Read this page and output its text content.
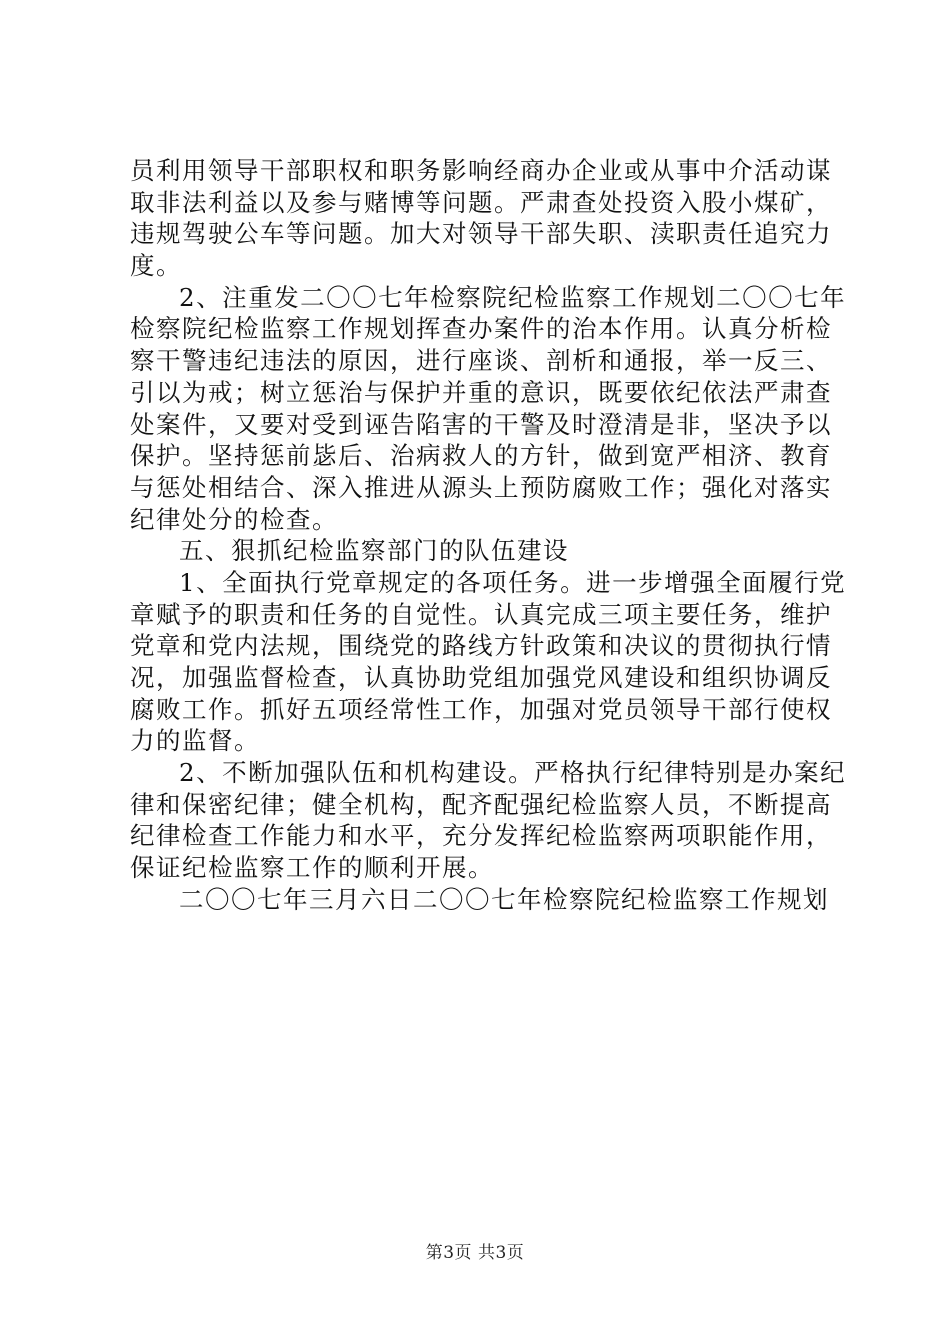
员利用领导干部职权和职务影响经商办企业或从事中介活动谋
取非法利益以及参与赌博等问题。严肃查处投资入股小煤矿，
违规驾驶公车等问题。加大对领导干部失职、渎职责任追究力
度。
2、注重发二〇〇七年检察院纪检监察工作规划二〇〇七年
检察院纪检监察工作规划挥查办案件的治本作用。认真分析检
察干警违纪违法的原因，进行座谈、剖析和通报，举一反三、
引以为戒；树立惩治与保护并重的意识，既要依纪依法严肃查
处案件，又要对受到诬告陷害的干警及时澄清是非，坚决予以
保护。坚持惩前毖后、治病救人的方针，做到宽严相济、教育
与惩处相结合、深入推进从源头上预防腐败工作；强化对落实
纪律处分的检查。
五、狠抓纪检监察部门的队伍建设
1、全面执行党章规定的各项任务。进一步增强全面履行党
章赋予的职责和任务的自觉性。认真完成三项主要任务，维护
党章和党内法规，围绕党的路线方针政策和决议的贯彻执行情
况，加强监督检查，认真协助党组加强党风建设和组织协调反
腐败工作。抓好五项经常性工作，加强对党员领导干部行使权
力的监督。
2、不断加强队伍和机构建设。严格执行纪律特别是办案纪
律和保密纪律；健全机构，配齐配强纪检监察人员，不断提高
纪律检查工作能力和水平，充分发挥纪检监察两项职能作用，
保证纪检监察工作的顺利开展。
二〇〇七年三月六日二〇〇七年检察院纪检监察工作规划
第3页 共3页
